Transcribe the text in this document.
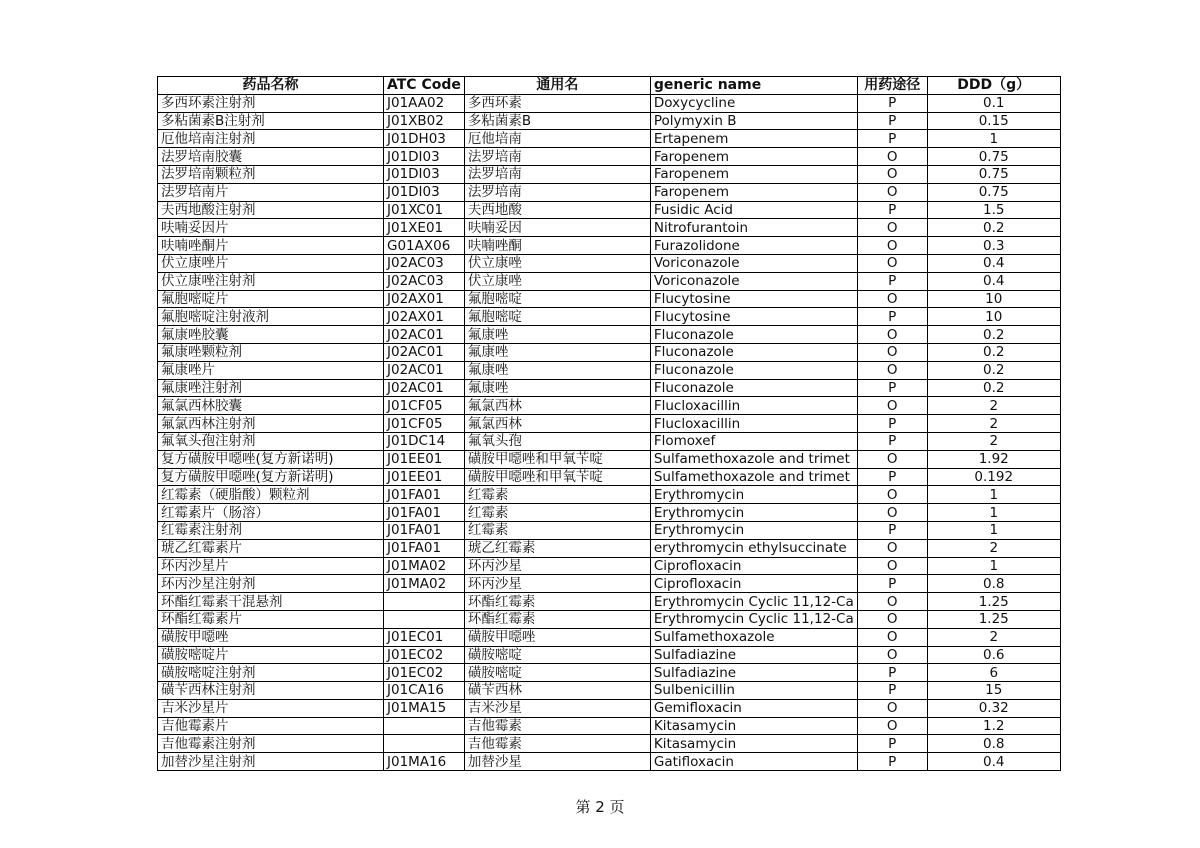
药品名称	ATC Code	通用名	generic name	用药途径	DDD（g）
多西环素注射剂	J01AA02	多西环素	Doxycycline	P	0.1
多粘菌素B注射剂	J01XB02	多粘菌素B	Polymyxin B	P	0.15
厄他培南注射剂	J01DH03	厄他培南	Ertapenem	P	1
法罗培南胶囊	J01DI03	法罗培南	Faropenem	O	0.75
法罗培南颗粒剂	J01DI03	法罗培南	Faropenem	O	0.75
法罗培南片	J01DI03	法罗培南	Faropenem	O	0.75
夫西地酸注射剂	J01XC01	夫西地酸	Fusidic Acid	P	1.5
呋喃妥因片	J01XE01	呋喃妥因	Nitrofurantoin	O	0.2
呋喃唑酮片	G01AX06	呋喃唑酮	Furazolidone	O	0.3
伏立康唑片	J02AC03	伏立康唑	Voriconazole	O	0.4
伏立康唑注射剂	J02AC03	伏立康唑	Voriconazole	P	0.4
氟胞嘧啶片	J02AX01	氟胞嘧啶	Flucytosine	O	10
氟胞嘧啶注射液剂	J02AX01	氟胞嘧啶	Flucytosine	P	10
氟康唑胶囊	J02AC01	氟康唑	Fluconazole	O	0.2
氟康唑颗粒剂	J02AC01	氟康唑	Fluconazole	O	0.2
氟康唑片	J02AC01	氟康唑	Fluconazole	O	0.2
氟康唑注射剂	J02AC01	氟康唑	Fluconazole	P	0.2
氟氯西林胶囊	J01CF05	氟氯西林	Flucloxacillin	O	2
氟氯西林注射剂	J01CF05	氟氯西林	Flucloxacillin	P	2
氟氧头孢注射剂	J01DC14	氟氧头孢	Flomoxef	P	2
复方磺胺甲噁唑(复方新诺明)	J01EE01	磺胺甲噁唑和甲氧苄啶	Sulfamethoxazole and trimet	O	1.92
复方磺胺甲噁唑(复方新诺明)	J01EE01	磺胺甲噁唑和甲氧苄啶	Sulfamethoxazole and trimet	P	0.192
红霉素（硬脂酸）颗粒剂	J01FA01	红霉素	Erythromycin	O	1
红霉素片（肠溶）	J01FA01	红霉素	Erythromycin	O	1
红霉素注射剂	J01FA01	红霉素	Erythromycin	P	1
琥乙红霉素片	J01FA01	琥乙红霉素	erythromycin ethylsuccinate	O	2
环丙沙星片	J01MA02	环丙沙星	Ciprofloxacin	O	1
环丙沙星注射剂	J01MA02	环丙沙星	Ciprofloxacin	P	0.8
环酯红霉素干混悬剂		环酯红霉素	Erythromycin Cyclic 11,12-Ca	O	1.25
环酯红霉素片		环酯红霉素	Erythromycin Cyclic 11,12-Ca	O	1.25
磺胺甲噁唑	J01EC01	磺胺甲噁唑	Sulfamethoxazole	O	2
磺胺嘧啶片	J01EC02	磺胺嘧啶	Sulfadiazine	O	0.6
磺胺嘧啶注射剂	J01EC02	磺胺嘧啶	Sulfadiazine	P	6
磺苄西林注射剂	J01CA16	磺苄西林	Sulbenicillin	P	15
吉米沙星片	J01MA15	吉米沙星	Gemifloxacin	O	0.32
吉他霉素片		吉他霉素	Kitasamycin	O	1.2
吉他霉素注射剂		吉他霉素	Kitasamycin	P	0.8
加替沙星注射剂	J01MA16	加替沙星	Gatifloxacin	P	0.4
第 2 页
